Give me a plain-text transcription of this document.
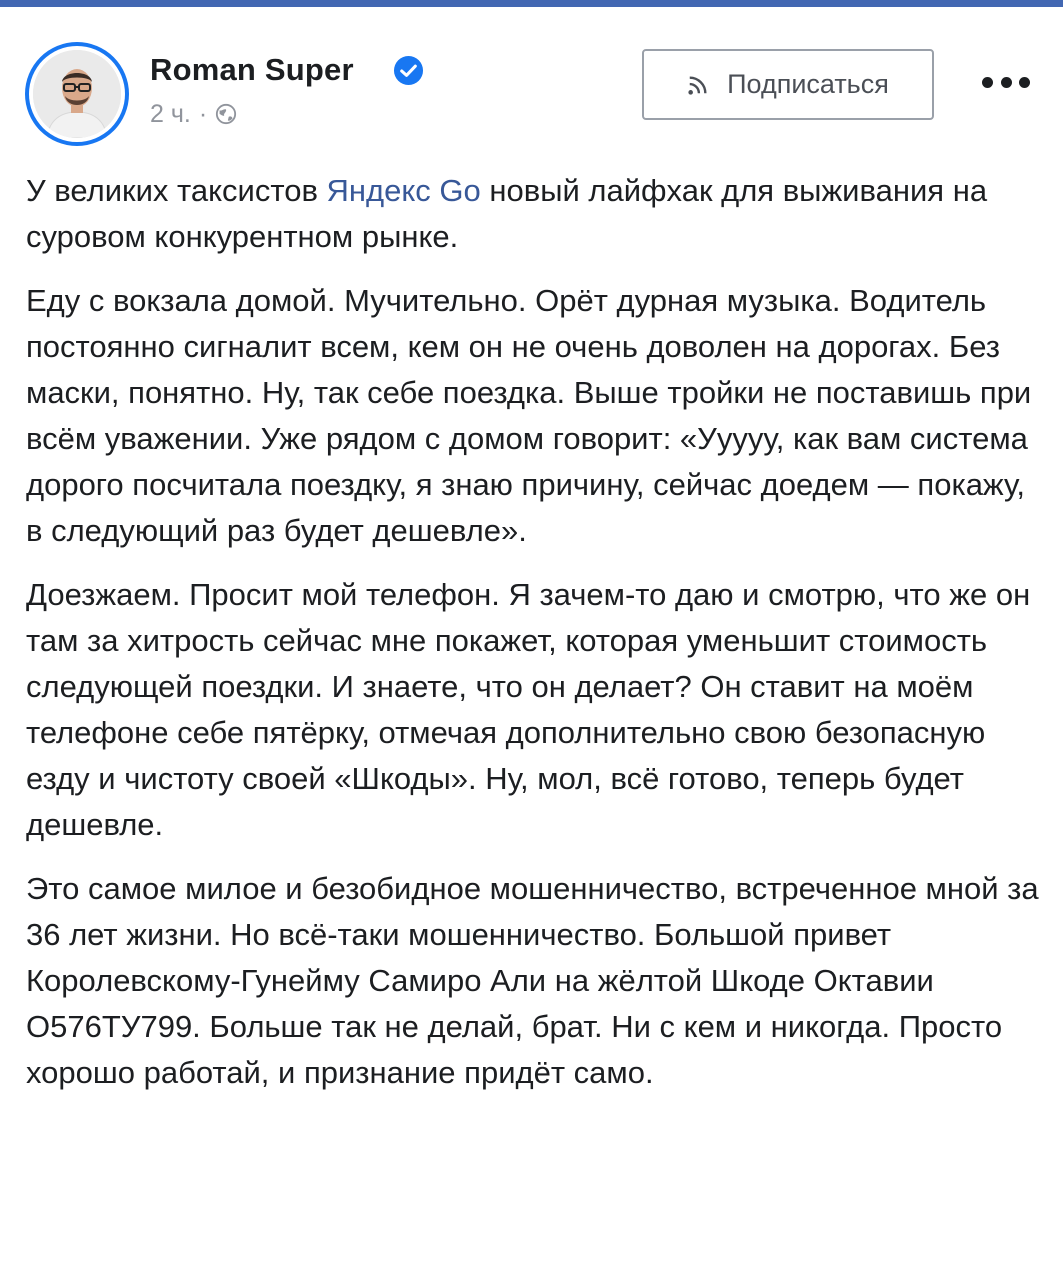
Roman Super
2 ч. ·
Подписаться

У великих таксистов Яндекс Go новый лайфхак для выживания на суровом конкурентном рынке.

Еду с вокзала домой. Мучительно. Орёт дурная музыка. Водитель постоянно сигналит всем, кем он не очень доволен на дорогах. Без маски, понятно. Ну, так себе поездка. Выше тройки не поставишь при всём уважении. Уже рядом с домом говорит: «Ууууу, как вам система дорого посчитала поездку, я знаю причину, сейчас доедем — покажу, в следующий раз будет дешевле».

Доезжаем. Просит мой телефон. Я зачем-то даю и смотрю, что же он там за хитрость сейчас мне покажет, которая уменьшит стоимость следующей поездки. И знаете, что он делает? Он ставит на моём телефоне себе пятёрку, отмечая дополнительно свою безопасную езду и чистоту своей «Шкоды». Ну, мол, всё готово, теперь будет дешевле.

Это самое милое и безобидное мошенничество, встреченное мной за 36 лет жизни. Но всё-таки мошенничество. Большой привет Королевскому-Гунейму Самиро Али на жёлтой Шкоде Октавии О576ТУ799. Больше так не делай, брат. Ни с кем и никогда. Просто хорошо работай, и признание придёт само.
